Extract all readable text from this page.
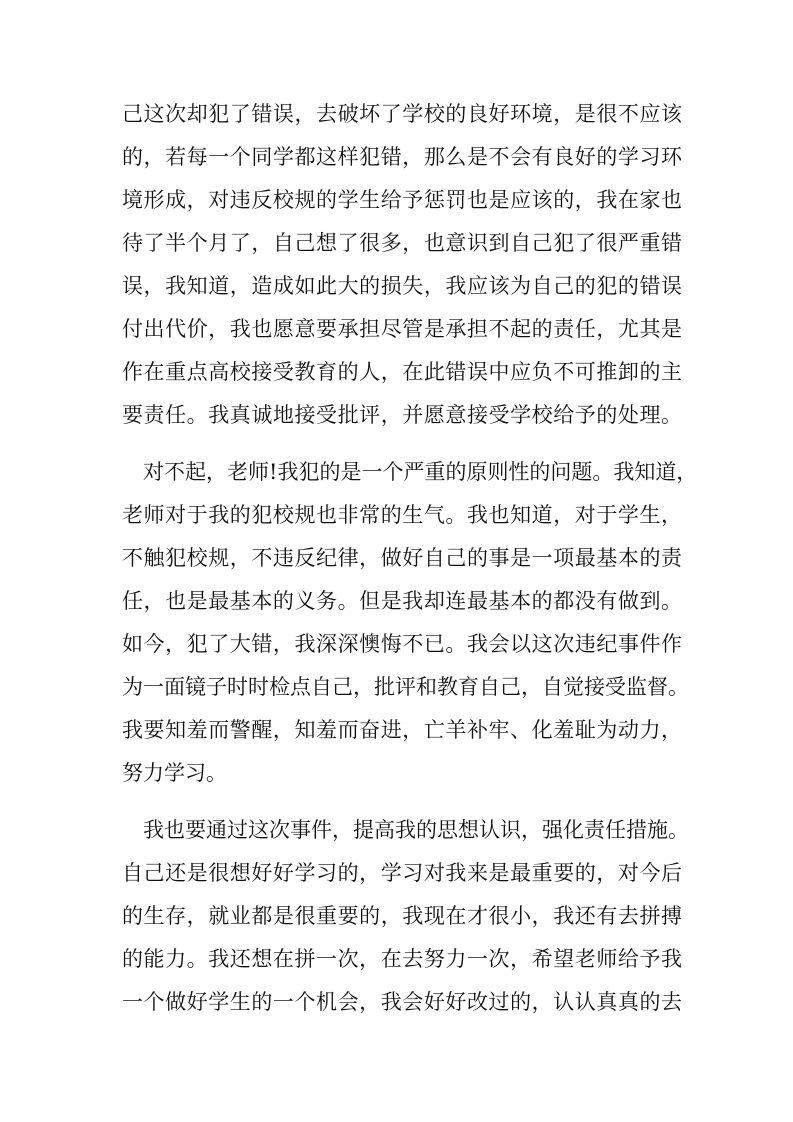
己这次却犯了错误，去破坏了学校的良好环境，是很不应该
的，若每一个同学都这样犯错，那么是不会有良好的学习环
境形成，对违反校规的学生给予惩罚也是应该的，我在家也
待了半个月了，自己想了很多，也意识到自己犯了很严重错
误，我知道，造成如此大的损失，我应该为自己的犯的错误
付出代价，我也愿意要承担尽管是承担不起的责任，尤其是
作在重点高校接受教育的人，在此错误中应负不可推卸的主
要责任。我真诚地接受批评，并愿意接受学校给予的处理。
对不起，老师!我犯的是一个严重的原则性的问题。我知道，
老师对于我的犯校规也非常的生气。我也知道，对于学生，
不触犯校规，不违反纪律，做好自己的事是一项最基本的责
任，也是最基本的义务。但是我却连最基本的都没有做到。
如今，犯了大错，我深深懊悔不已。我会以这次违纪事件作
为一面镜子时时检点自己，批评和教育自己，自觉接受监督。
我要知羞而警醒，知羞而奋进，亡羊补牢、化羞耻为动力，
努力学习。
我也要通过这次事件，提高我的思想认识，强化责任措施。
自己还是很想好好学习的，学习对我来是最重要的，对今后
的生存，就业都是很重要的，我现在才很小，我还有去拼搏
的能力。我还想在拼一次，在去努力一次，希望老师给予我
一个做好学生的一个机会，我会好好改过的，认认真真的去
